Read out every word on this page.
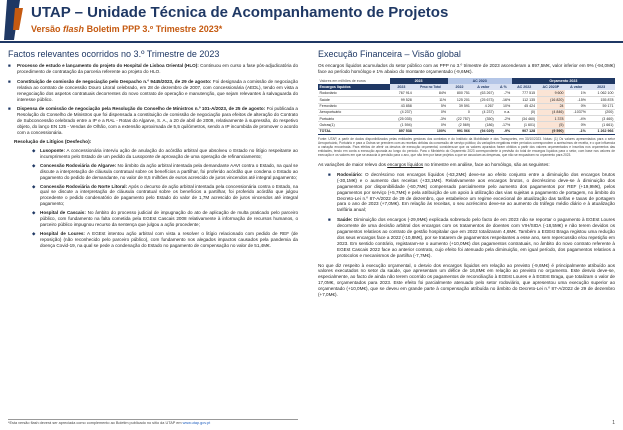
UTAP – Unidade Técnica de Acompanhamento de Projetos
Versão flash Boletim PPP 3.º Trimestre 2023*
Factos relevantes ocorridos no 3.º Trimestre de 2023
■	Processo de estudo e lançamento do projeto do Hospital de Lisboa Oriental (HLO): Continuou em curso a fase pós-adjudicatória do procedimento de contratação da parceria referente ao projeto do HLO.
■	Constituição de comissão de negociação pelo Despacho n.º 9445/2023, de 29 de agosto: Foi designada a comissão de negociação relativa ao contrato de concessão Douro Litoral celebrado, em 28 de dezembro de 2007, com concessionária (AEDL), tendo em vista a renegociação dos aspetos contratuais decorrentes do novo contrato de operação e manutenção, que sejam relevantes à salvaguarda do interesse público.
■	Dispensa de comissão de negociação pela Resolução do Conselho de Ministros n.º 101-A/2023, de 25 de agosto: Foi publicada a Resolução do Conselho de Ministros que foi dispensada a constituição de comissão de negociação para efeitos de alteração do Contrato de Subconcessão celebrado entre a IP e a RAL - Rotas do Algarve, S. A., a 20 de abril de 2009, relativamente à supressão, do respetivo objeto, do lanço EN 125 - Vendas de Olhão, com a extensão aproximada de 5,5 quilómetros, sendo a IP incumbida de promover o acordo com a concessionária.
Resolução de Litígios (Desfecho):
◆ Lusoponte: A concessionária interviu ação de anulação do acórdão arbitral que absolveu o Estado no litígio respeitante ao incumprimento pelo Estado de um pedido da Lusoponte de aprovação de uma operação de refinanciamento;
◆ Concessão Rodoviária do Algarve: No âmbito da ação arbitral intentada pela demandante AAVI contra o Estado, na qual se discute a interpretação de cláusula contratual sobre os benefícios a partilhar, foi proferido acórdão que condena o Estado ao pagamento do pedido de demandante, no valor de 8,5 milhões de euros acrescido de juros vincendos até integral pagamento;
◆ Concessão Rodoviária do Norte Litoral: Após o decurso de ação arbitral intentada pela concessionária contra o Estado, na qual se discute a interpretação de cláusula contratual sobre os benefícios a partilhar, foi proferido acórdão que julgou procedente o pedido condenatório de pagamento pelo Estado do valor de 1,7M acrescido de juros vincendos até integral pagamento;
◆ Hospital de Cascais: No âmbito do processo judicial de impugnação do ato de aplicação de multa praticado pelo parceiro público, com fundamento na falta cometida pela EGEst Cascais 2008 relativamente à informação de recursos humanos, o parceiro público impugnou recurso da sentença que julgou a ação procedente;
◆ Hospital de Loures: A EGEst intentou ação arbitral com vista a resolver o litígio relacionado com pedido de REF (de reposição) (não reconhecido pelo parceiro público), com fundamento nos alegados impactos causados pela pandemia da doença Covid-19, na qual se pede a condenação do Estado no pagamento de compensação no valor de 51,4M€.
Execução Financeira – Visão global
Os encargos líquidos acumulados do setor público com as PPP no 3.º trimestre de 2023 ascenderam a 897,5M€, valor inferior em 9% (-94,0M€) face ao período homólogo e 1% abaixo do montante orçamentado (-9,6M€).
Valores em milhões de euros	2023		AC 2023			Orçamento 2023			
Encargos líquidos	2023	Peso no Total	2022	Δ valor	Δ %	AC 2022	AC 2023P	Δ valor	2023
Rodoviário	767 914	84%	800 751	(63 267)	-7%	777 515	9 600	1%	1 062 100
Saúde	99 528	11%	125 201	(25 673)	-16%	112 135	(16 820)	-15%	155 878
Ferroviário	43 858	5%	39 591	4 267	10%	45 424	24	0%	59 171
Aeroportuário	(4 237)	0%	0	(4 237)	n.a.	(0)	(4 846)	-1037%	(200)
Portuário	(25 035)	-3%	(22 757)	(350)	-2%	(34 460)	1 378	-4%	(3 460)
Outras(1)	(1 594)	0%	(2 569)	(186)	-17%	(1 601)	(5)	0%	(1 661)
TOTAL	897 538	100%	991 566	(94 029)	-9%	907 128	(9 590)	-1%	1 262 966
Fonte: UTAP, a partir de dados disponibilizados pelas entidades gestoras dos contratos e do Instituto da Mobilidade e dos Transportes, em 30/10/2023. Notas: (1) Os valores apresentados para o setor Aeroportuário, Portuário e para a Outras se prendem com as receitas obtidas da concessão de serviço público; As variações negativas entre períodos correspondem a acréscimos de receita, e o que influencia a variação encontrada. Para efeitos de aferir os desvios de execução orçamental, considera-se que os valores apurados foram obtidos a partir dos valores orçamentados e inscritos nos orçamentos das entidades, tendo em conta a execução apurada ao longo do período. Para o Ministério do Orçamento 2023 correspondente à previsão do total de encargos líquidos para o setor, com base nos valores de execução e os valores em que se associa à previsão para o ano, que não tem por base projetos a que se associam as despesas, que não se enquadram no orçamento para 2023.
As variações de maior relevo dos encargos líquidos no trimestre em análise, face ao homólogo, são as seguintes:
■	Rodoviário: O decréscimo nos encargos líquidos (-63,2M€) deve-se ao efeito conjunto entre a diminuição dos encargos brutos (-30,1M€) e o aumento das receitas (+33,1M€). Relativamente aos encargos brutos, o decréscimo deve-se à diminuição dos pagamentos por disponibilidade (-60,7M€) compensado parcialmente pelo aumento dos pagamentos por REF (+19,9M€), pelos pagamentos por serviço (+5,7M€) e pela atribuição de um apoio à utilização das vias sujeitas a pagamento de portagem, no âmbito do Decreto-Lei n.º 87-A/2022 de 29 de dezembro, que estabelece um regime excecional de atualização das tarifas e taxas de portagem para o ano de 2023 (+7,0M€). Em relação às receitas, o seu acréscimo deve-se ao aumento do tráfego médio diário e à atualização tarifária anual;
■	Saúde: Diminuição dos encargos (-29,9M€) explicada sobretudo pelo facto de em 2023 não se reportar o pagamento à EGEst Loures decorrente de uma decisão arbitral dos encargos com os tratamentos de doentes com VIH/SIDA (-18,5M€) e não terem devidos os pagamentos relativos ao contrato de gestão hospitalar que em 2022 totalizaram 4,6M€. Também a EGEst Braga registou uma redução dos seus encargos face a 2022 (-10,8M€), por se tratarem de pagamentos respeitantes a esse ano, sem repercussão e/ou repetição em 2023. Em sentido contrário, registaram-se o aumento (+10,0M€) dos pagamentos contratuais, no âmbito do novo contrato referente à EGEst Cascais 2022 face ao anterior contrato, cujo efeito foi atenuado pela diminuição, em igual período, dos pagamentos relativos a protocolos e mecanismos de partilha (-7,7M€).
No que diz respeito à execução orçamental, o desvio dos encargos líquidos em relação ao previsto (-9,6M€) é principalmente atribuído aos valores executados no setor da saúde, que apresentam um défice de 16,8M€ em relação ao previsto no orçamento. Este desvio deve-se, especialmente, ao facto de ainda não terem ocorrido os pagamentos de reconciliação à EGEst Loures e à EGEst Braga, que totalizam o valor de 17,0M€, orçamentados para 2023. Este efeito foi parcialmente atenuado pelo setor rodoviário, que apresentou uma execução superior ao orçamentado (+10,0M€), que se deveu em grande parte à compensação atribuída no âmbito do Decreto-Lei n.º 87-A/2022 de 29 de dezembro (+7,0M€).
*Esta versão flash deverá ser apreciada como complemento ao Boletim publicado no sítio da UTAP em www.utap.gov.pt	1
